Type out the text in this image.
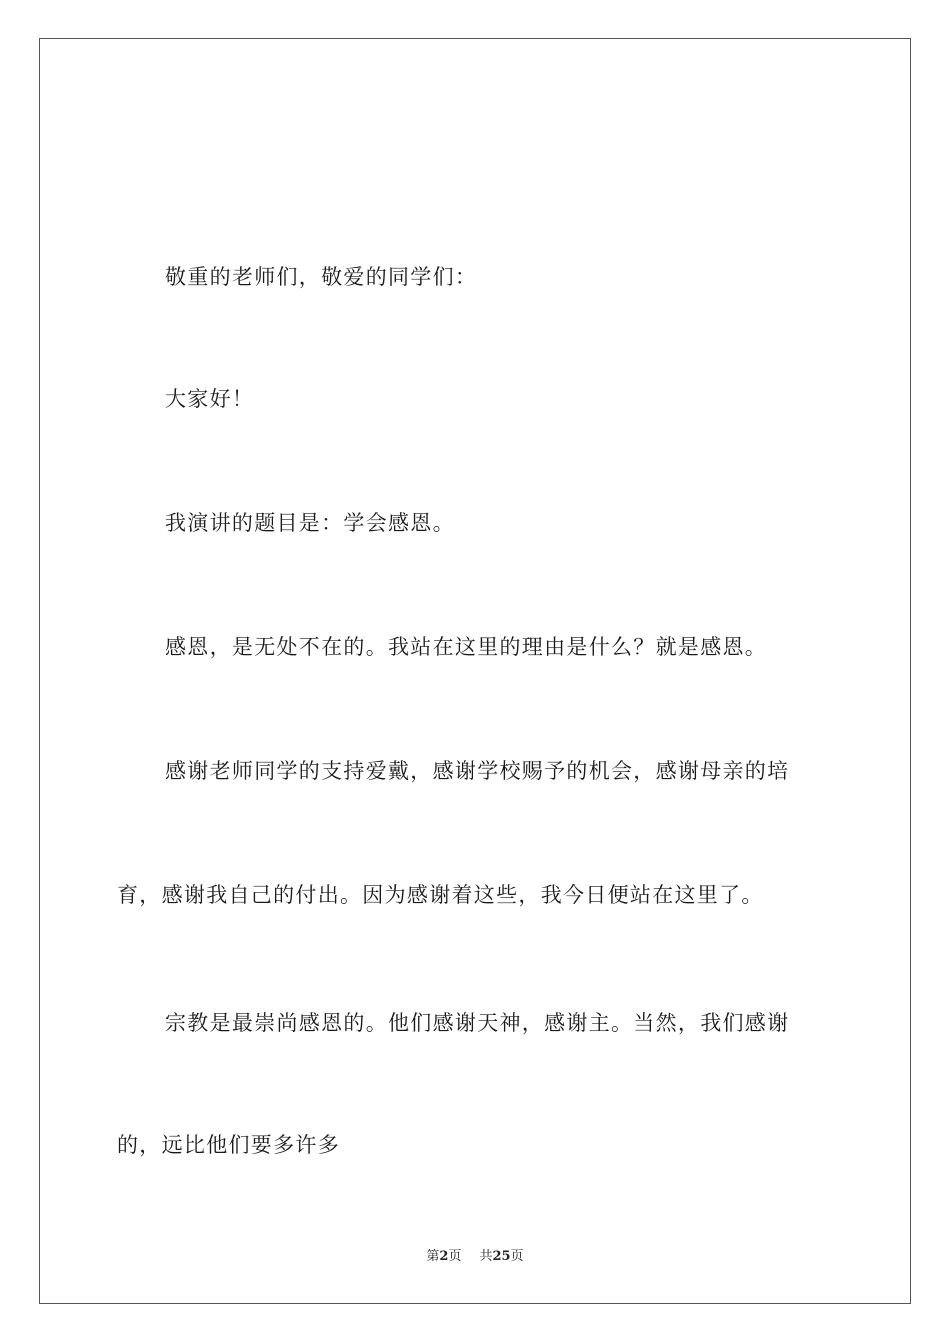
敬重的老师们，敬爱的同学们：

大家好！

我演讲的题目是：学会感恩。

感恩，是无处不在的。我站在这里的理由是什么？就是感恩。

感谢老师同学的支持爱戴，感谢学校赐予的机会，感谢母亲的培

育，感谢我自己的付出。因为感谢着这些，我今日便站在这里了。

宗教是最崇尚感恩的。他们感谢天神，感谢主。当然，我们感谢

的，远比他们要多许多

第2页 共25页
